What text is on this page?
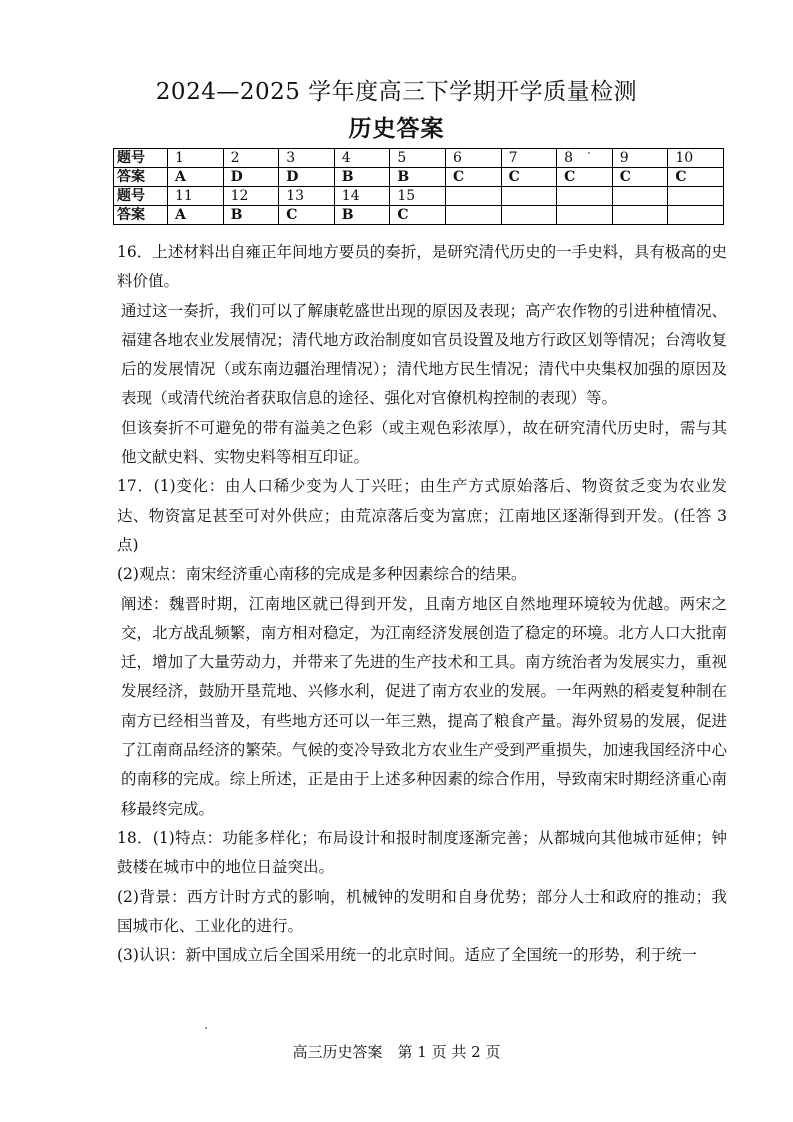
2024—2025 学年度高三下学期开学质量检测
历史答案
题号	1	2	3	4	5	6	7	8	9	10
答案	A	D	D	B	B	C	C	C	C	C
题号	11	12	13	14	15					
答案	A	B	C	B	C					

16．上述材料出自雍正年间地方要员的奏折，是研究清代历史的一手史料，具有极高的史料价值。

通过这一奏折，我们可以了解康乾盛世出现的原因及表现；高产农作物的引进种植情况、福建各地农业发展情况；清代地方政治制度如官员设置及地方行政区划等情况；台湾收复后的发展情况（或东南边疆治理情况）；清代地方民生情况；清代中央集权加强的原因及表现（或清代统治者获取信息的途径、强化对官僚机构控制的表现）等。

但该奏折不可避免的带有溢美之色彩（或主观色彩浓厚），故在研究清代历史时，需与其他文献史料、实物史料等相互印证。

17．(1)变化：由人口稀少变为人丁兴旺；由生产方式原始落后、物资贫乏变为农业发达、物资富足甚至可对外供应；由荒凉落后变为富庶；江南地区逐渐得到开发。(任答 3 点)

(2)观点：南宋经济重心南移的完成是多种因素综合的结果。

阐述：魏晋时期，江南地区就已得到开发，且南方地区自然地理环境较为优越。两宋之交，北方战乱频繁，南方相对稳定，为江南经济发展创造了稳定的环境。北方人口大批南迁，增加了大量劳动力，并带来了先进的生产技术和工具。南方统治者为发展实力，重视发展经济，鼓励开垦荒地、兴修水利，促进了南方农业的发展。一年两熟的稻麦复种制在南方已经相当普及，有些地方还可以一年三熟，提高了粮食产量。海外贸易的发展，促进了江南商品经济的繁荣。气候的变冷导致北方农业生产受到严重损失，加速我国经济中心的南移的完成。综上所述，正是由于上述多种因素的综合作用，导致南宋时期经济重心南移最终完成。

18．(1)特点：功能多样化；布局设计和报时制度逐渐完善；从都城向其他城市延伸；钟鼓楼在城市中的地位日益突出。

(2)背景：西方计时方式的影响，机械钟的发明和自身优势；部分人士和政府的推动；我国城市化、工业化的进行。

(3)认识：新中国成立后全国采用统一的北京时间。适应了全国统一的形势，利于统一

高三历史答案　第 1 页 共 2 页
